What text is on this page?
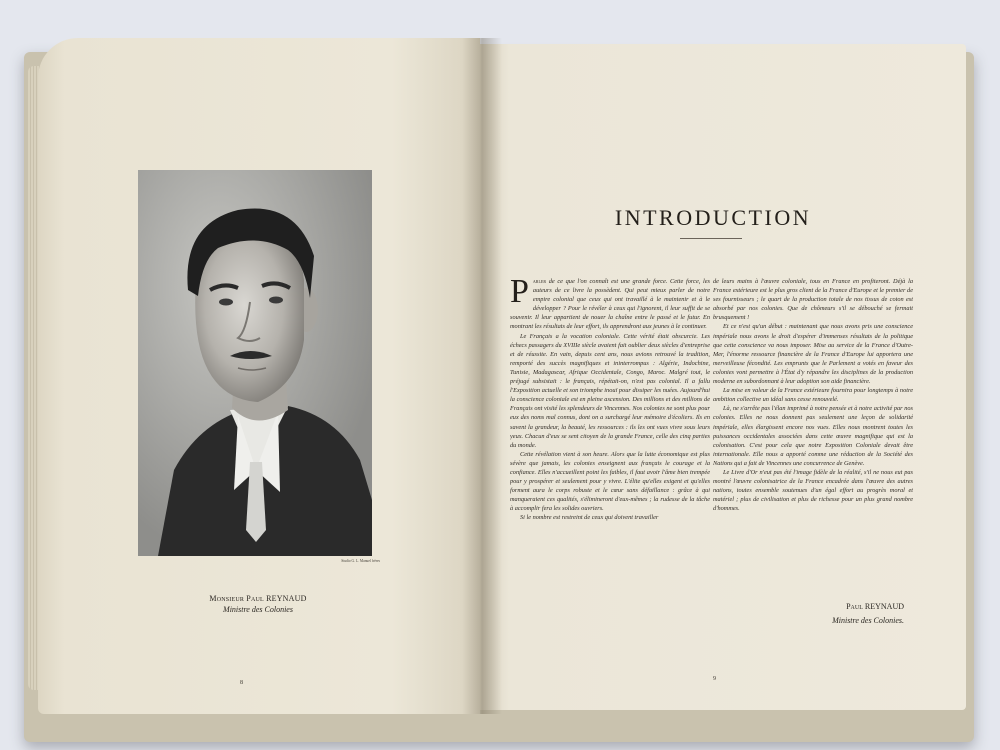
Studio G. L. Manuel frères
Monsieur Paul REYNAUD
Ministre des Colonies
8
INTRODUCTION

Parler de ce que l'on connaît est une grande force. Cette force, les auteurs de ce livre la possèdent. Qui peut mieux parler de notre empire colonial que ceux qui ont travaillé à le maintenir et à le développer ? Pour le révéler à ceux qui l'ignorent, il leur suffit de se souvenir. Il leur appartient de nouer la chaîne entre le passé et le futur. En montrant les résultats de leur effort, ils apprendront aux jeunes à le continuer.

Le Français a la vocation coloniale. Cette vérité était obscurcie. Les échecs passagers du XVIIIe siècle avaient fait oublier deux siècles d'entreprise et de réussite. En vain, depuis cent ans, nous avions retrouvé la tradition, remporté des succès magnifiques et ininterrompus : Algérie, Indochine, Tunisie, Madagascar, Afrique Occidentale, Congo, Maroc. Malgré tout, le préjugé subsistait : le français, répétait-on, n'est pas colonial. Il a fallu l'Exposition actuelle et son triomphe inouï pour dissiper les nuées. Aujourd'hui la conscience coloniale est en pleine ascension. Des millions et des millions de Français ont visité les splendeurs de Vincennes. Nos colonies ne sont plus pour eux des noms mal connus, dont on a surchargé leur mémoire d'écoliers. Ils en savent la grandeur, la beauté, les ressources : ils les ont vues vivre sous leurs yeux. Chacun d'eux se sent citoyen de la grande France, celle des cinq parties du monde.

Cette révélation vient à son heure. Alors que la lutte économique est plus sévère que jamais, les colonies enseignent aux français le courage et la confiance. Elles n'accueillent point les faibles, il faut avoir l'âme bien trempée pour y prospérer et seulement pour y vivre. L'élite qu'elles exigent et qu'elles forment aura le corps robuste et le cœur sans défaillance : grâce à qui manqueraient ces qualités, s'élimineront d'eux-mêmes ; la rudesse de la tâche à accomplir fera les solides ouvriers.

Si le nombre est restreint de ceux qui doivent travailler

de leurs mains à l'œuvre coloniale, tous en France en profiteront. Déjà la France extérieure est le plus gros client de la France d'Europe et le premier de ses fournisseurs ; le quart de la production totale de nos tissus de coton est absorbé par nos colonies. Que de chômeurs s'il se débouché se fermait brusquement !

Et ce n'est qu'un début : maintenant que nous avons pris une conscience impériale nous avons le droit d'espérer d'immenses résultats de la politique que cette conscience va nous imposer. Mise au service de la France d'Outre-Mer, l'énorme ressource financière de la France d'Europe lui apportera une merveilleuse fécondité. Les emprunts que le Parlement a votés en faveur des colonies vont permettre à l'État d'y répandre les disciplines de la production moderne en subordonnant à leur adoption son aide financière.

La mise en valeur de la France extérieure fournira pour longtemps à notre ambition collective un idéal sans cesse renouvelé.

Là, ne s'arrête pas l'élan imprimé à notre pensée et à notre activité par nos colonies. Elles ne nous donnent pas seulement une leçon de solidarité impériale, elles élargissent encore nos vues. Elles nous montrent toutes les puissances occidentales associées dans cette œuvre magnifique qui est la colonisation. C'est pour cela que notre Exposition Coloniale devait être internationale. Elle nous a apporté comme une réduction de la Société des Nations qui a fait de Vincennes une concurrence de Genève.

Le Livre d'Or n'eut pas été l'image fidèle de la réalité, s'il ne nous eut pas montré l'œuvre colonisatrice de la France encadrée dans l'œuvre des autres nations, toutes ensemble soutenues d'un égal effort au progrès moral et matériel ; plus de civilisation et plus de richesse pour un plus grand nombre d'hommes.

Paul REYNAUD
Ministre des Colonies.
9
